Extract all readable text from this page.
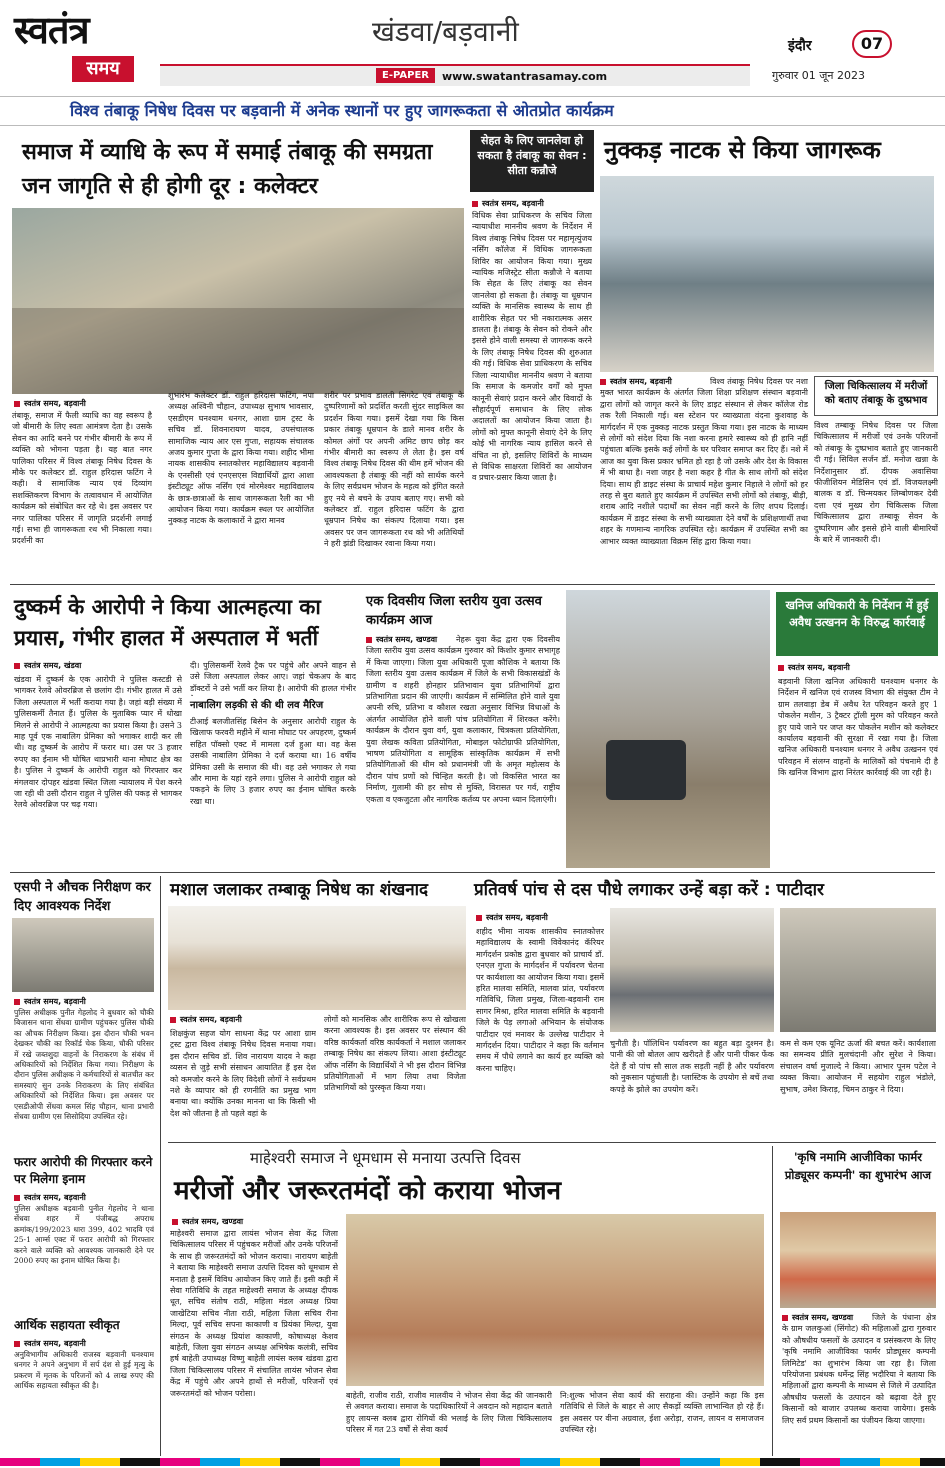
स्वतंत्र
समय
खंडवा/बड़वानी	इंदौर	07
गुरुवार 01 जून 2023
E-PAPER	www.swatantrasamay.com
विश्व तंबाकू निषेध दिवस पर बड़वानी में अनेक स्थानों पर हुए जागरूकता से ओतप्रोत कार्यक्रम
समाज में व्याधि के रूप में समाई तंबाकू की समग्रता जन जागृति से ही होगी दूर : कलेक्टर
स्वतंत्र समय, बड़वानी
तंबाकू, समाज में फैली व्याधि का वह स्वरूप है जो बीमारी के लिए स्वतः आमंत्रण देता है। उसके सेवन का आदि बनने पर गंभीर बीमारी के रूप में व्यक्ति को भोगना पड़ता है। यह बात नगर पालिका परिसर में विश्व तंबाकू निषेध दिवस के मौके पर कलेक्टर डॉ. राहुल हरिदास फटिंग ने कही। वे सामाजिक न्याय एवं दिव्यांग सशक्तिकरण विभाग के तत्वावधान में आयोजित कार्यक्रम को संबोधित कर रहे थे। इस अवसर पर नगर पालिका परिसर में जागृति प्रदर्शनी लगाई गई। सभा ही जागरूकता रथ भी निकाला गया। प्रदर्शनी का
शुभारंभ कलेक्टर डॉ. राहुल हरिदास फटिंग, नपा अध्यक्ष अश्विनी चौहान, उपाध्यक्ष सुभाष भावसार, एसडीएम घनश्याम धनगर, आशा ग्राम ट्रस्ट के सचिव डॉ. शिवनारायण यादव, उपसंचालक सामाजिक न्याय आर एस गुप्ता, सहायक संचालक अजय कुमार गुप्ता के द्वारा किया गया। शहीद भीमा नायक शासकीय स्नातकोत्तर महाविद्यालय बड़वानी के एनसीसी एवं एनएसएस विद्यार्थियों द्वारा आशा इंस्टीट्यूट ऑफ नर्सिंग एवं मोरमेश्वर महाविद्यालय के छात्र-छात्राओं के साथ जागरूकता रैली का भी आयोजन किया गया। कार्यक्रम स्थल पर आयोजित नुक्कड़ नाटक के कलाकारों ने द्वारा मानव
शरीर पर प्रभाव डालती सिगरेट एवं तंबाकू के दुष्परिणामों को प्रदर्शित करती सुंदर साइकिल का प्रदर्शन किया गया। इसमें देखा गया कि किस प्रकार तंबाकू धूम्रपान के डाले मानव शरीर के कोमल अंगों पर अपनी अमिट छाप छोड़ कर गंभीर बीमारी का स्वरूप ले लेता है। इस वर्ष विश्व तंबाकू निषेध दिवस की थीम हमें भोजन की आवश्यकता है तंबाकू की नहीं को सार्थक करने के लिए सर्वप्रथम भोजन के महत्व को इंगित करते हुए नये से बचने के उपाय बताए गए। सभी को कलेक्टर डॉ. राहुल हरिदास फटिंग के द्वारा धूम्रपान निषेध का संकल्प दिलाया गया। इस अवसर पर जन जागरूकता रथ को भी अतिथियों ने हरी झंडी दिखाकर रवाना किया गया।
सेहत के लिए जानलेवा हो सकता है तंबाकू का सेवन : सीता कन्नौजे
स्वतंत्र समय, बड़वानी
विधिक सेवा प्राधिकरण के सचिव जिला न्यायाधीश माननीय श्रवण के निर्देशन में विश्व तंबाकू निषेध दिवस पर महामृत्युंजय नर्सिंग कॉलेज में विधिक जागरूकता शिविर का आयोजन किया गया। मुख्य न्यायिक मजिस्ट्रेट सीता कन्नौजे ने बताया कि सेहत के लिए तंबाकू का सेवन जानलेवा हो सकता है। तंबाकू या धूम्रपान व्यक्ति के मानसिक स्वास्थ्य के साथ ही शारीरिक सेहत पर भी नकारात्मक असर डालता है। तंबाकू के सेवन को रोकने और इससे होने वाली समस्या से जागरूक करने के लिए तंबाकू निषेध दिवस की शुरुआत की गई। विधिक सेवा प्राधिकरण के सचिव जिला न्यायाधीश माननीय श्रवण ने बताया कि समाज के कमजोर वर्गों को मुफ्त कानूनी सेवाएं प्रदान करने और विवादों के सौहार्दपूर्ण समाधान के लिए लोक अदालतों का आयोजन किया जाता है। लोगों को मुफ्त कानूनी सेवाएं देने के लिए कोई भी नागरिक न्याय हासिल करने से वंचित ना हो, इसलिए शिविरों के माध्यम से विधिक साक्षरता शिविरों का आयोजन व प्रचार-प्रसार किया जाता है।
नुक्कड़ नाटक से किया जागरूक
स्वतंत्र समय, बड़वानी	विश्व तंबाकू निषेध दिवस पर नशा मुक्त भारत कार्यक्रम के अंतर्गत जिला शिक्षा प्रशिक्षण संस्थान बड़वानी द्वारा लोगों को जागृत करने के लिए डाइट संस्थान से लेकर कॉलेज रोड तक रैली निकाली गई। बस स्टेशन पर व्याख्याता वंदना कुशवाह के मार्गदर्शन में एक नुक्कड़ नाटक प्रस्तुत किया गया। इस नाटक के माध्यम से लोगों को संदेश दिया कि नशा करना हमारे स्वास्थ्य को ही हानि नहीं पहुंचाता बल्कि इसके कई लोगों के घर परिवार समाप्त कर दिए हैं। नशे में आज का युवा किस प्रकार भ्रमित हो रहा है जो उसके और देश के विकास में भी बाधा है। नशा जहर है नशा कहर है गीत के साथ लोगों को संदेश दिया। साथ ही डाइट संस्था के प्राचार्य महेश कुमार निहाले ने लोगों को हर तरह से बुरा बताते हुए कार्यक्रम में उपस्थित सभी लोगों को तंबाकू, बीड़ी, शराब आदि नशीले पदार्थों का सेवन नहीं करने के लिए शपथ दिलाई। कार्यक्रम में डाइट संस्था के सभी व्याख्याता देने वर्षों के प्रशिक्षणार्थी तथा शहर के गणमान्य नागरिक उपस्थित रहे। कार्यक्रम में उपस्थित सभी का आभार व्यक्त व्याख्याता विक्रम सिंह द्वारा किया गया।
जिला चिकित्सालय में मरीजों को बताए तंबाकू के दुष्प्रभाव
विश्व तम्बाकू निषेध दिवस पर जिला चिकित्सालय में मरीजों एवं उनके परिजनों को तंबाकू के दुष्प्रभाव बताते हुए जानकारी दी गई। सिविल सर्जन डॉ. मनोज खन्ना के निर्देशानुसार डॉ. दीपक अवासिया फीजीशियन मेडिसिन एवं डॉ. विजयलक्ष्मी बालक व डॉ. चिन्मयकर लिम्बोणकर देवी दत्ता एवं मुख्य रोग चिकित्सक जिला चिकित्सालय द्वारा तम्बाकू सेवन के दुष्परिणाम और इससे होने वाली बीमारियों के बारे में जानकारी दी।
दुष्कर्म के आरोपी ने किया आत्महत्या का प्रयास, गंभीर हालत में अस्पताल में भर्ती
स्वतंत्र समय, खंडवा
खंडवा में दुष्कर्म के एक आरोपी ने पुलिस कस्टडी से भागकर रेलवे ओवरब्रिज से छलांग दी। गंभीर हालत में उसे जिला अस्पताल में भर्ती कराया गया है। जहां बड़ी संख्या में पुलिसकर्मी तैनात हैं। पुलिस के मुताबिक प्यार में धोखा मिलने से आरोपी ने आत्महत्या का प्रयास किया है। उसने 3 माह पूर्व एक नाबालिग प्रेमिका को भगाकर शादी कर ली थी। वह दुष्कर्म के आरोप में फरार था। उस पर 3 हजार रुपए का ईनाम भी घोषित थाप्रभारी थाना मोघाट क्षेत्र का है। पुलिस ने दुष्कर्म के आरोपी राहुल को गिरफ्तार कर मंगलवार दोपहर खंडवा स्थित जिला न्यायालय में पेश करने जा रही थी उसी दौरान राहुल ने पुलिस की पकड़ से भागकर रेलवे ओवरब्रिज पर चढ़ गया।
दी। पुलिसकर्मी रेलवे ट्रैक पर पहुंचे और अपने वाहन से उसे जिला अस्पताल लेकर आए। जहां चेकअप के बाद डॉक्टरों ने उसे भर्ती कर लिया है। आरोपी की हालत गंभीर
नाबालिग लड़की से की थी लव मैरिज
टीआई बलजीतसिंह बिसेन के अनुसार आरोपी राहुल के खिलाफ फरवरी महीने में थाना मोघाट पर अपहरण, दुष्कर्म सहित पॉक्सो एक्ट में मामला दर्ज हुआ था। वह केस उसकी नाबालिग प्रेमिका ने दर्ज कराया था। 16 वर्षीय प्रेमिका उसी के समाज की थी। वह उसे भगाकर ले गया और मामा के यहां रहने लगा। पुलिस ने आरोपी राहुल को पकड़ने के लिए 3 हजार रुपए का ईनाम घोषित करके रखा था।
एक दिवसीय जिला स्तरीय युवा उत्सव कार्यक्रम आज
स्वतंत्र समय, खण्डवा	नेहरू युवा केंद्र द्वारा एक दिवसीय जिला स्तरीय युवा उत्सव कार्यक्रम गुरुवार को किशोर कुमार सभागृह में किया जाएगा। जिला युवा अधिकारी पूजा कौशिक ने बताया कि जिला स्तरीय युवा उत्सव कार्यक्रम में जिले के सभी विकासखंडों के ग्रामीण व शहरी होनहार प्रतिभावान युवा प्रतिभागियों द्वारा प्रतिभागिता प्रदान की जाएगी। कार्यक्रम में सम्मिलित होने वाले युवा अपनी रुचि, प्रतिभा व कौशल रखता अनुसार विभिन्न विधाओं के अंतर्गत आयोजित होने वाली पांच प्रतियोगिता में शिरकत करेंगे। कार्यक्रम के दौरान युवा वर्ग, युवा कलाकार, चित्रकला प्रतियोगिता, युवा लेखक कविता प्रतियोगिता, मोबाइल फोटोग्राफी प्रतियोगिता, भाषण प्रतियोगिता व सामूहिक सांस्कृतिक कार्यक्रम में सभी प्रतियोगिताओं की थीम को प्रधानमंत्री जी के अमृत महोत्सव के दौरान पांच प्रणों को चिन्हित करती है। जो विकसित भारत का निर्माण, गुलामी की हर सोच से मुक्ति, विरासत पर गर्व, राष्ट्रीय एकता व एकजुटता और नागरिक कर्तव्य पर अपना ध्यान दिलाएंगी।
खनिज अधिकारी के निर्देशन में हुई अवैध उत्खनन के विरुद्ध कार्रवाई
स्वतंत्र समय, बड़वानी
बड़वानी जिला खनिज अधिकारी घनश्याम धनगर के निर्देशन में खनिज एवं राजस्व विभाग की संयुक्त टीम ने ग्राम तलवाड़ा डेब में अवैध रेत परिवहन करते हुए 1 पोकलेन मशीन, 3 ट्रैक्टर ट्रॉली मुरम को परिवहन करते हुए पाये जाने पर जप्त कर पोकलेन मशीन को कलेक्टर कार्यालय बड़वानी की सुरक्षा में रखा गया है। जिला खनिज अधिकारी घनश्याम धनगर ने अवैध उत्खनन एवं परिवहन में संलग्न वाहनों के मालिकों को पंचनामे दी है कि खनिज विभाग द्वारा निरंतर कार्रवाई की जा रही है।
एसपी ने औचक निरीक्षण कर दिए आवश्यक निर्देश
स्वतंत्र समय, बड़वानी
पुलिस अधीक्षक पुनीत गेहलोद ने बुधवार को चौकी बिजासन थाना सेंधवा ग्रामीण पहुंचकर पुलिस चौकी का औचक निरीक्षण किया। इस दौरान चौकी भवन देखकर चौकी का रिकॉर्ड चेक किया, चौकी परिसर में रखे जब्तशुदा वाहनों के निराकरण के संबंध में अधिकारियों को निर्देशित किया गया। निरीक्षण के दौरान पुलिस अधीक्षक ने कर्मचारियों से बातचीत कर समस्याएं सुन उनके निराकरण के लिए संबंधित अधिकारियों को निर्देशित किया। इस अवसर पर एसडीओपी सेंधवा कमल सिंह चौहान, थाना प्रभारी सेंधवा ग्रामीण एस सिसोदिया उपस्थित रहे।
फरार आरोपी की गिरफ्तार करने पर मिलेगा इनाम
स्वतंत्र समय, बड़वानी
पुलिस अधीक्षक बड़वानी पुनीत गेहलोद ने थाना सेंधवा शहर में पंजीबद्ध अपराध क्रमांक/199/2023 धारा 399, 402 भादवि एवं 25-1 आर्म्स एक्ट में फरार आरोपी को गिरफ्तार करने वाले व्यक्ति को आवश्यक जानकारी देने पर 2000 रुपए का इनाम घोषित किया है।
आर्थिक सहायता स्वीकृत
स्वतंत्र समय, बड़वानी
अनुविभागीय अधिकारी राजस्व बड़वानी घनश्याम धनगर ने अपने अनुभाग में सर्प दंश से हुई मृत्यु के प्रकरण में मृतक के परिजनों को 4 लाख रुपए की आर्थिक सहायता स्वीकृत की है।
मशाल जलाकर तम्बाकू निषेध का शंखनाद
स्वतंत्र समय, बड़वानी
शिक्षकुंज सहज योग साधना केंद्र पर आशा ग्राम ट्रस्ट द्वारा विश्व तंबाकू निषेध दिवस मनाया गया। इस दौरान सचिव डॉ. शिव नारायण यादव ने कहा व्यसन से जुड़े सभी संसाधन आयातित हैं इस देश को कमजोर करने के लिए विदेशी लोगों ने सर्वप्रथम नशे के व्यापार को ही रणनीति का प्रमुख भाग बनाया था। क्योंकि उनका मानना था कि किसी भी देश को जीतना है तो पहले वहां के
लोगों को मानसिक और शारीरिक रूप से खोखला करना आवश्यक है। इस अवसर पर संस्थान की वरिष्ठ कार्यकर्ता वरिष्ठ कार्यकर्ता ने मशाल जलाकर तम्बाकू निषेध का संकल्प लिया। आशा इंस्टीट्यूट ऑफ नर्सिंग के विद्यार्थियों ने भी इस दौरान विभिन्न प्रतियोगिताओं में भाग लिया तथा विजेता प्रतिभागियों को पुरस्कृत किया गया।
प्रतिवर्ष पांच से दस पौधे लगाकर उन्हें बड़ा करें : पाटीदार
स्वतंत्र समय, बड़वानी
शहीद भीमा नायक शासकीय स्नातकोत्तर महाविद्यालय के स्वामी विवेकानंद कॅरियर मार्गदर्शन प्रकोष्ठ द्वारा बुधवार को प्राचार्य डॉ. एनएल गुप्ता के मार्गदर्शन में पर्यावरण चेतना पर कार्यशाला का आयोजन किया गया। इसमें हरित मालवा समिति, मालवा प्रांत, पर्यावरण गतिविधि, जिला प्रमुख, जिला-बड़वानी राम सागर मिश्रा, हरित मालवा समिति के बड़वानी जिले के पेड़ लगाओ अभियान के संयोजक पाटीदार एवं मनावर के उल्लेख पाटीदार ने मार्गदर्शन दिया। पाटीदार ने कहा कि वर्तमान समय में पौधे लगाने का कार्य हर व्यक्ति को करना चाहिए।
चुनौती है। पॉलिथिन पर्यावरण का बहुत बड़ा दुश्मन है। पानी की जो बोतल आप खरीदते हैं और पानी पीकर फेंक देते हैं वो पांच सौ साल तक सड़ती नहीं है और पर्यावरण को नुकसान पहुंचाती है। प्लास्टिक के उपयोग से बचें तथा कपड़े के झोले का उपयोग करें।
कम से कम एक यूनिट ऊर्जा की बचत करें। कार्यशाला का समन्वय प्रीति मुलचंदानी और सुरेश ने किया। संचालन वर्षा मुजाल्दे ने किया। आभार पूनम पटेल ने व्यक्त किया। आयोजन में सहयोग राहुल भंडोले, सुभाष, उमेश किराड़, चिमन ठाकुर ने दिया।
माहेश्वरी समाज ने धूमधाम से मनाया उत्पत्ति दिवस
मरीजों और जरूरतमंदों को कराया भोजन
स्वतंत्र समय, खण्डवा
माहेश्वरी समाज द्वारा लायंस भोजन सेवा केंद्र जिला चिकित्सालय परिसर में पहुंचकर मरीजों और उनके परिजनों के साथ ही जरूरतमंदों को भोजन कराया। नारायण बाहेती ने बताया कि माहेश्वरी समाज उत्पत्ति दिवस को धूमधाम से मनाता है इसमें विविध आयोजन किए जाते हैं। इसी कड़ी में सेवा गतिविधि के तहत माहेश्वरी समाज के अध्यक्ष दीपक धूत, सचिव संतोष राठी, महिला मंडल अध्यक्ष प्रिया जाखेटिया सचिव नीता राठी, महिला जिला सचिव रीना मिल्दा, पूर्व सचिव सपना काकाणी व प्रियंका मिल्दा, युवा संगठन के अध्यक्ष प्रियांश काकाणी, कोषाध्यक्ष केशव बाहेती, जिला युवा संगठन अध्यक्ष अभिषेक कलंत्री, सचिव हर्ष बाहेती उपाध्यक्ष विष्णु बाहेती लायंस क्लब खंडवा द्वारा जिला चिकित्सालय परिसर में संचालित लायंस भोजन सेवा केंद्र में पहुंचे और अपने हाथों से मरीजों, परिजनों एवं जरूरतमंदों को भोजन परोसा।	बाहेती, राजीव राठी, राजीव मालवीय ने भोजन सेवा केंद्र की जानकारी से अवगत कराया। समाज के पदाधिकारियों ने अवदान को महादान बताते हुए लायन्स क्लब द्वारा रोगियों की भलाई के लिए जिला चिकित्सालय परिसर में गत 23 वर्षों से सेवा कार्य
नि:शुल्क भोजन सेवा कार्य की सराहना की। उन्होंने कहा कि इस गतिविधि से जिले के बाहर से आए सैकड़ों व्यक्ति लाभान्वित हो रहे हैं। इस अवसर पर वीना अग्रवाल, ईशा अरोड़ा, राजन, लायन व समाजजन उपस्थित रहे।
'कृषि नमामि आजीविका फार्मर प्रोड्यूसर कम्पनी' का शुभारंभ आज
स्वतंत्र समय, खण्डवा	जिले के पंधाना क्षेत्र के ग्राम जलकुआं (सिंगोट) की महिलाओं द्वारा गुरुवार को औषधीय फसलों के उत्पादन व प्रसंस्करण के लिए 'कृषि नमामि आजीविका फार्मर प्रोड्यूसर कम्पनी लिमिटेड' का शुभारंभ किया जा रहा है। जिला परियोजना प्रबंधक धर्मेन्द्र सिंह भदौरिया ने बताया कि महिलाओं द्वारा कम्पनी के माध्यम से जिले में उत्पादित औषधीय फसलों के उत्पादन को बढ़ावा देते हुए किसानों को बाजार उपलब्ध कराया जायेगा। इसके लिए सर्व प्रथम किसानों का पंजीयन किया जाएगा।
